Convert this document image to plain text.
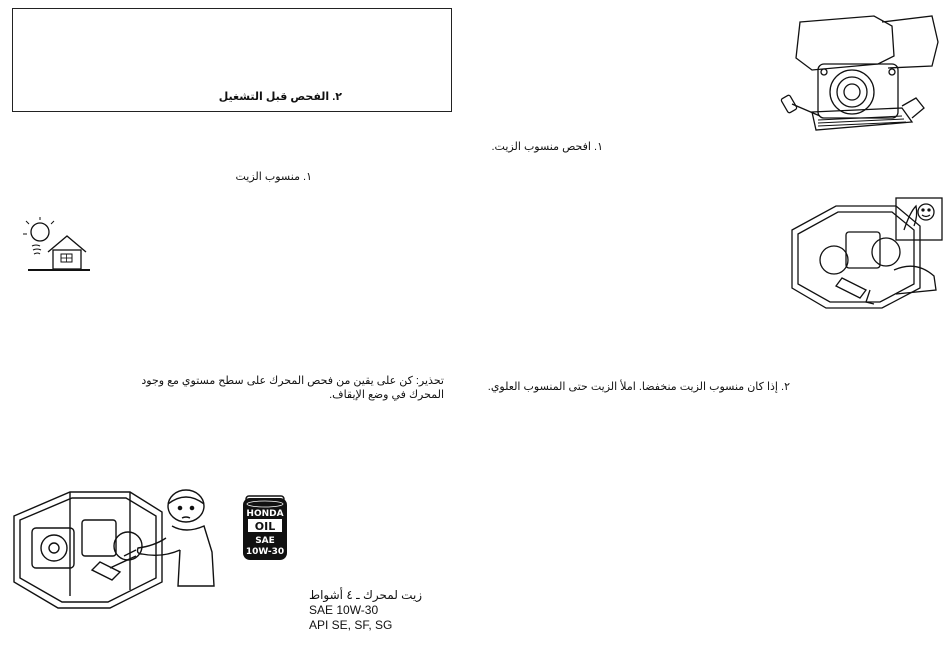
٢. الفحص قبل التشغيل
١. منسوب الزيت
تحذير: كن على يقين من فحص المحرك على سطح مستوي مع وجود المحرك في وضع الإيقاف.
HONDA
OIL
SAE
10W-30
زيت لمحرك ـ ٤ أشواط
SAE 10W-30
API SE, SF, SG
١. افحص منسوب الزيت.
٢. إذا كان منسوب الزيت منخفضا. املأ الزيت حتى المنسوب العلوي.
